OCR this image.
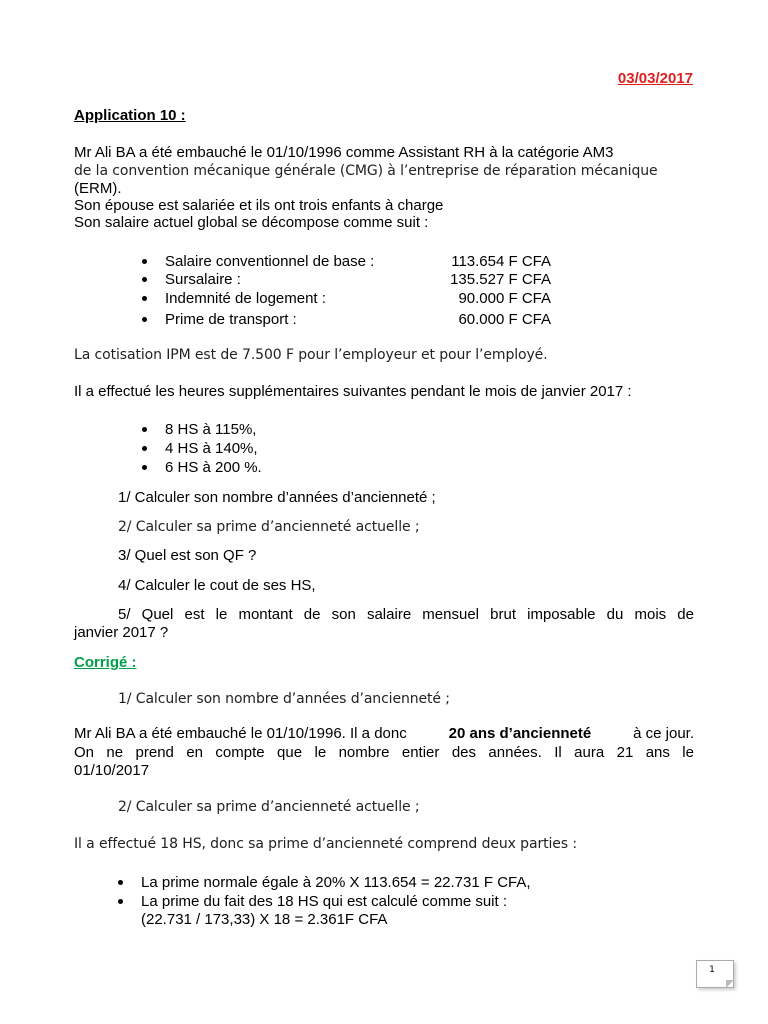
03/03/2017
Application 10 :
Mr Ali BA a été embauché le 01/10/1996 comme Assistant RH à la catégorie AM3
de la convention mécanique générale (CMG) à l’entreprise de réparation mécanique
(ERM).
Son épouse est salariée et ils ont trois enfants à charge
Son salaire actuel global se décompose comme suit :
Salaire conventionnel de base :	113.654 F CFA
Sursalaire :	135.527 F CFA
Indemnité de logement :	90.000 F CFA
Prime de transport :	60.000 F CFA
La cotisation IPM est de 7.500 F pour l’employeur et pour l’employé.
Il a effectué les heures supplémentaires suivantes pendant le mois de janvier 2017 :
8 HS à 115%,
4 HS à 140%,
6 HS à 200 %.
1/ Calculer son nombre d’années d’ancienneté ;
2/ Calculer sa prime d’ancienneté actuelle ;
3/ Quel est son QF ?
4/ Calculer le cout de ses HS,
5/ Quel est le montant de son salaire mensuel brut imposable du mois de
janvier 2017 ?
Corrigé :
1/ Calculer son nombre d’années d’ancienneté ;
Mr Ali BA a été embauché le 01/10/1996. Il a donc	20 ans d’ancienneté	à ce jour.
On ne prend en compte que le nombre entier des années. Il aura 21 ans le
01/10/2017
2/ Calculer sa prime d’ancienneté actuelle ;
Il a effectué 18 HS, donc sa prime d’ancienneté comprend deux parties :
La prime normale égale à 20% X 113.654 = 22.731 F CFA,
La prime du fait des 18 HS qui est calculé comme suit :
(22.731 / 173,33) X 18 = 2.361F CFA
1
